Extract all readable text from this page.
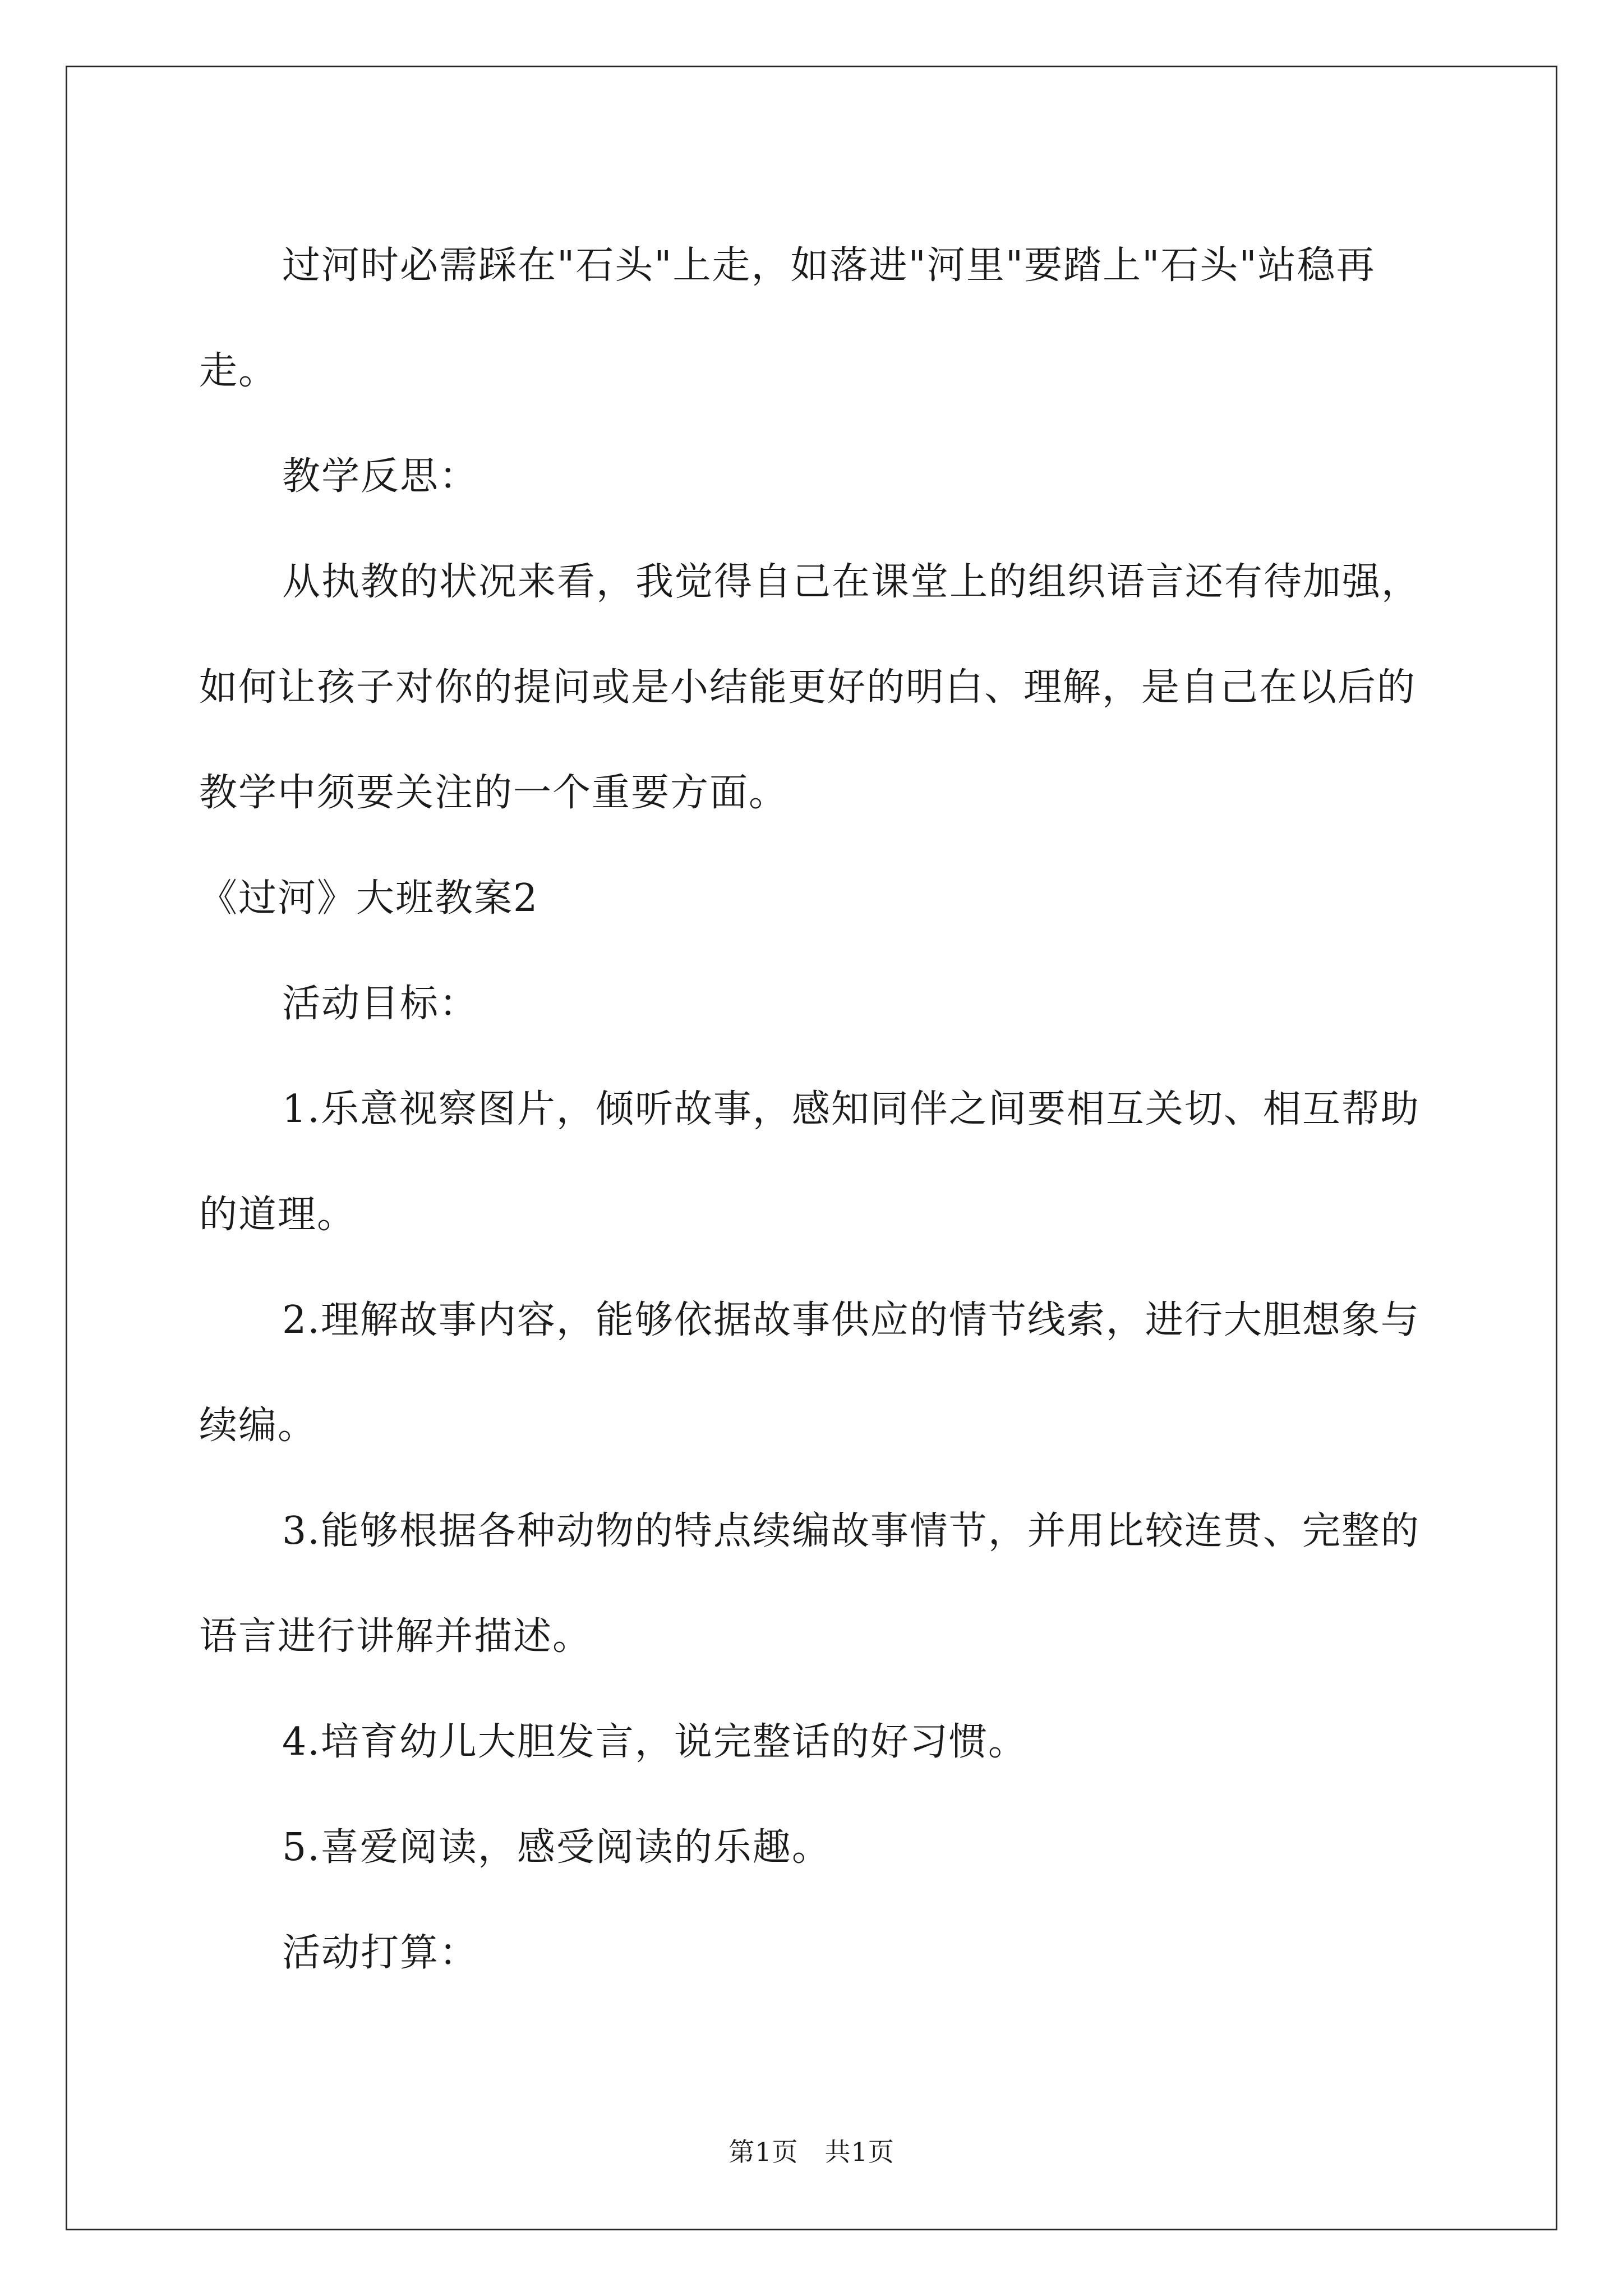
过河时必需踩在"石头"上走，如落进"河里"要踏上"石头"站稳再走。

教学反思：

从执教的状况来看，我觉得自己在课堂上的组织语言还有待加强，如何让孩子对你的提问或是小结能更好的明白、理解，是自己在以后的教学中须要关注的一个重要方面。

《过河》大班教案2

活动目标：

1.乐意视察图片，倾听故事，感知同伴之间要相互关切、相互帮助的道理。

2.理解故事内容，能够依据故事供应的情节线索，进行大胆想象与续编。

3.能够根据各种动物的特点续编故事情节，并用比较连贯、完整的语言进行讲解并描述。

4.培育幼儿大胆发言，说完整话的好习惯。

5.喜爱阅读，感受阅读的乐趣。

活动打算：

第1页　共1页
